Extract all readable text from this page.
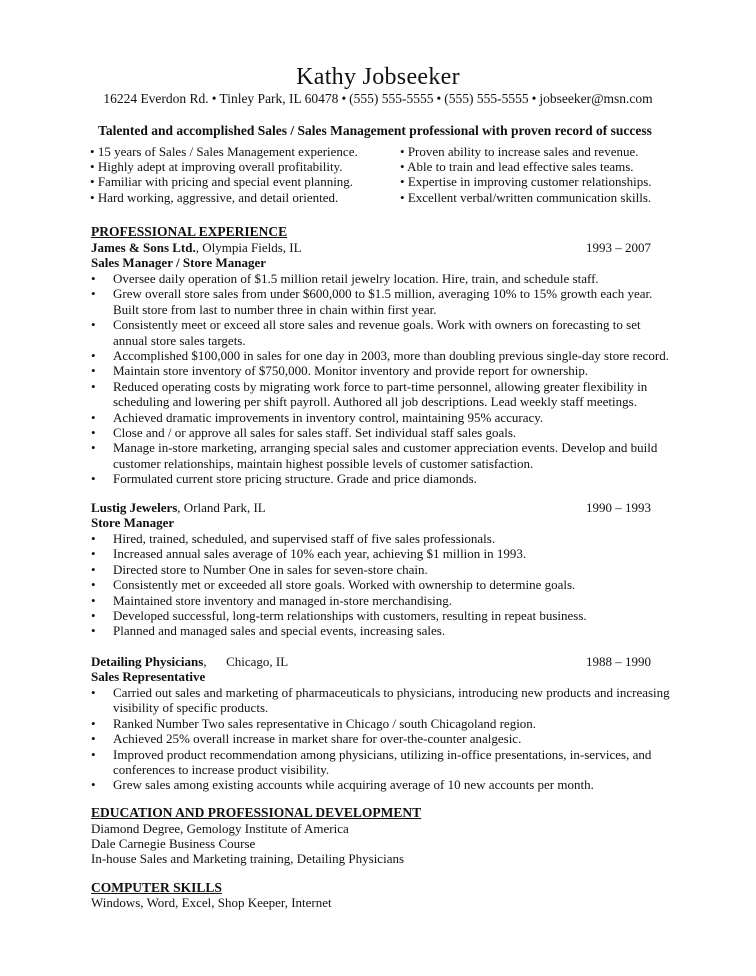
Kathy Jobseeker
16224 Everdon Rd. • Tinley Park, IL 60478 • (555) 555-5555 • (555) 555-5555 • jobseeker@msn.com
Talented and accomplished Sales / Sales Management professional with proven record of success
• 15 years of Sales / Sales Management experience.
• Highly adept at improving overall profitability.
• Familiar with pricing and special event planning.
• Hard working, aggressive, and detail oriented.
• Proven ability to increase sales and revenue.
• Able to train and lead effective sales teams.
• Expertise in improving customer relationships.
• Excellent verbal/written communication skills.
PROFESSIONAL EXPERIENCE
James & Sons Ltd., Olympia Fields, IL	1993 – 2007
Sales Manager / Store Manager
• Oversee daily operation of $1.5 million retail jewelry location. Hire, train, and schedule staff.
• Grew overall store sales from under $600,000 to $1.5 million, averaging 10% to 15% growth each year. Built store from last to number three in chain within first year.
• Consistently meet or exceed all store sales and revenue goals. Work with owners on forecasting to set annual store sales targets.
• Accomplished $100,000 in sales for one day in 2003, more than doubling previous single-day store record.
• Maintain store inventory of $750,000. Monitor inventory and provide report for ownership.
• Reduced operating costs by migrating work force to part-time personnel, allowing greater flexibility in scheduling and lowering per shift payroll. Authored all job descriptions. Lead weekly staff meetings.
• Achieved dramatic improvements in inventory control, maintaining 95% accuracy.
• Close and / or approve all sales for sales staff. Set individual staff sales goals.
• Manage in-store marketing, arranging special sales and customer appreciation events. Develop and build customer relationships, maintain highest possible levels of customer satisfaction.
• Formulated current store pricing structure. Grade and price diamonds.
Lustig Jewelers, Orland Park, IL	1990 – 1993
Store Manager
• Hired, trained, scheduled, and supervised staff of five sales professionals.
• Increased annual sales average of 10% each year, achieving $1 million in 1993.
• Directed store to Number One in sales for seven-store chain.
• Consistently met or exceeded all store goals. Worked with ownership to determine goals.
• Maintained store inventory and managed in-store merchandising.
• Developed successful, long-term relationships with customers, resulting in repeat business.
• Planned and managed sales and special events, increasing sales.
Detailing Physicians,      Chicago, IL	1988 – 1990
Sales Representative
• Carried out sales and marketing of pharmaceuticals to physicians, introducing new products and increasing visibility of specific products.
• Ranked Number Two sales representative in Chicago / south Chicagoland region.
• Achieved 25% overall increase in market share for over-the-counter analgesic.
• Improved product recommendation among physicians, utilizing in-office presentations, in-services, and conferences to increase product visibility.
• Grew sales among existing accounts while acquiring average of 10 new accounts per month.
EDUCATION AND PROFESSIONAL DEVELOPMENT
Diamond Degree, Gemology Institute of America
Dale Carnegie Business Course
In-house Sales and Marketing training, Detailing Physicians
COMPUTER SKILLS
Windows, Word, Excel, Shop Keeper, Internet
